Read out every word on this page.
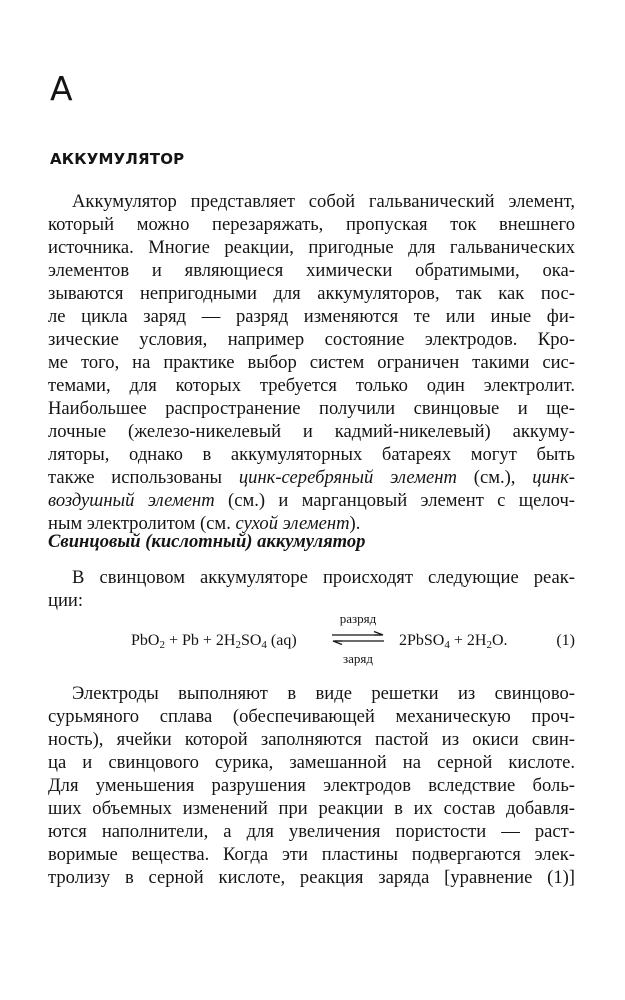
А
АККУМУЛЯТОР
Аккумулятор представляет собой гальванический элемент,
который можно перезаряжать, пропуская ток внешнего
источника. Многие реакции, пригодные для гальванических
элементов и являющиеся химически обратимыми, ока-
зываются непригодными для аккумуляторов, так как пос-
ле цикла заряд — разряд изменяются те или иные фи-
зические условия, например состояние электродов. Кро-
ме того, на практике выбор систем ограничен такими сис-
темами, для которых требуется только один электролит.
Наибольшее распространение получили свинцовые и ще-
лочные (железо-никелевый и кадмий-никелевый) аккуму-
ляторы, однако в аккумуляторных батареях могут быть
также использованы цинк-серебряный элемент (см.), цинк-
воздушный элемент (см.) и марганцовый элемент с щелоч-
ным электролитом (см. сухой элемент).
Свинцовый (кислотный) аккумулятор
В свинцовом аккумуляторе происходят следующие реак-
ции:
$PbO_2 + Pb + 2H_2SO_4$ (aq)
разряд
заряд
2PbSO$_4$ + $2H_2O$.	(1)
Электроды выполняют в виде решетки из свинцово-
сурьмяного сплава (обеспечивающей механическую проч-
ность), ячейки которой заполняются пастой из окиси свин-
ца и свинцового сурика, замешанной на серной кислоте.
Для уменьшения разрушения электродов вследствие боль-
ших объемных изменений при реакции в их состав добавля-
ются наполнители, а для увеличения пористости — раст-
воримые вещества. Когда эти пластины подвергаются элек-
тролизу в серной кислоте, реакция заряда [уравнение (1)]
